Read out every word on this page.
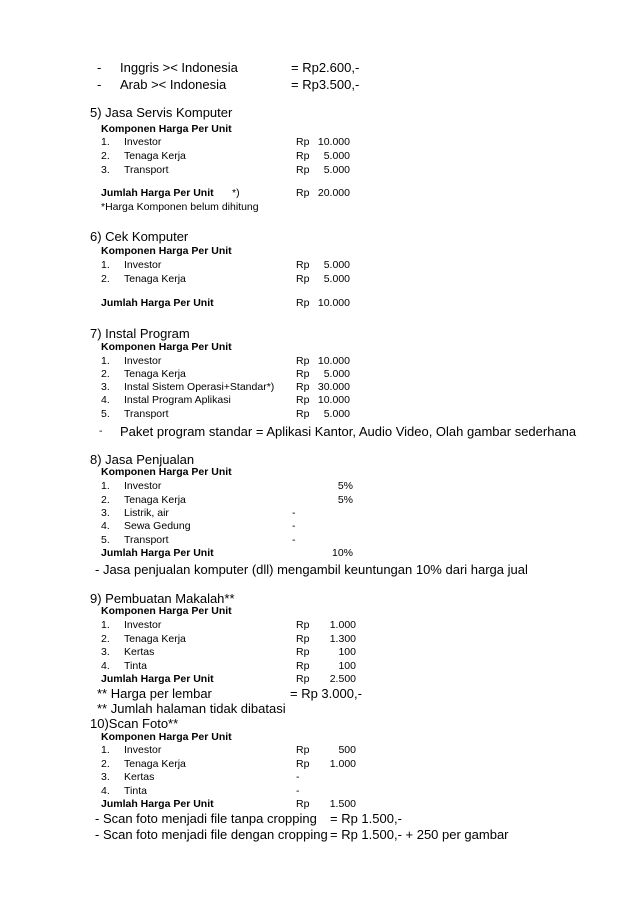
- Inggris >< Indonesia	= Rp2.600,-
- Arab >< Indonesia	= Rp3.500,-
5) Jasa Servis Komputer
Komponen Harga Per Unit
1. Investor	Rp 10.000
2. Tenaga Kerja	Rp	5.000
3. Transport	Rp	5.000
Jumlah Harga Per Unit *)	Rp 20.000
*Harga Komponen belum dihitung
6) Cek Komputer
Komponen Harga Per Unit
1. Investor	Rp	5.000
2. Tenaga Kerja	Rp	5.000
Jumlah Harga Per Unit	Rp 10.000
7) Instal Program
Komponen Harga Per Unit
1. Investor	Rp 10.000
2. Tenaga Kerja	Rp	5.000
3. Instal Sistem Operasi+Standar*) Rp 30.000
4. Instal Program Aplikasi	Rp 10.000
5. Transport	Rp	5.000
- Paket program standar = Aplikasi Kantor, Audio Video, Olah gambar sederhana
8) Jasa Penjualan
Komponen Harga Per Unit
1. Investor	5%
2. Tenaga Kerja	5%
3. Listrik, air	-
4. Sewa Gedung	-
5. Transport	-
Jumlah Harga Per Unit	10%
- Jasa penjualan komputer (dll) mengambil keuntungan 10% dari harga jual
9) Pembuatan Makalah**
Komponen Harga Per Unit
1. Investor	Rp	1.000
2. Tenaga Kerja	Rp	1.300
3. Kertas	Rp	100
4. Tinta	Rp	100
Jumlah Harga Per Unit	Rp	2.500
** Harga per lembar	= Rp 3.000,-
** Jumlah halaman tidak dibatasi
10)Scan Foto**
Komponen Harga Per Unit
1. Investor	Rp	500
2. Tenaga Kerja	Rp	1.000
3. Kertas	-
4. Tinta	-
Jumlah Harga Per Unit	Rp	1.500
- Scan foto menjadi file tanpa cropping = Rp 1.500,-
- Scan foto menjadi file dengan cropping = Rp 1.500,- + 250 per gambar
